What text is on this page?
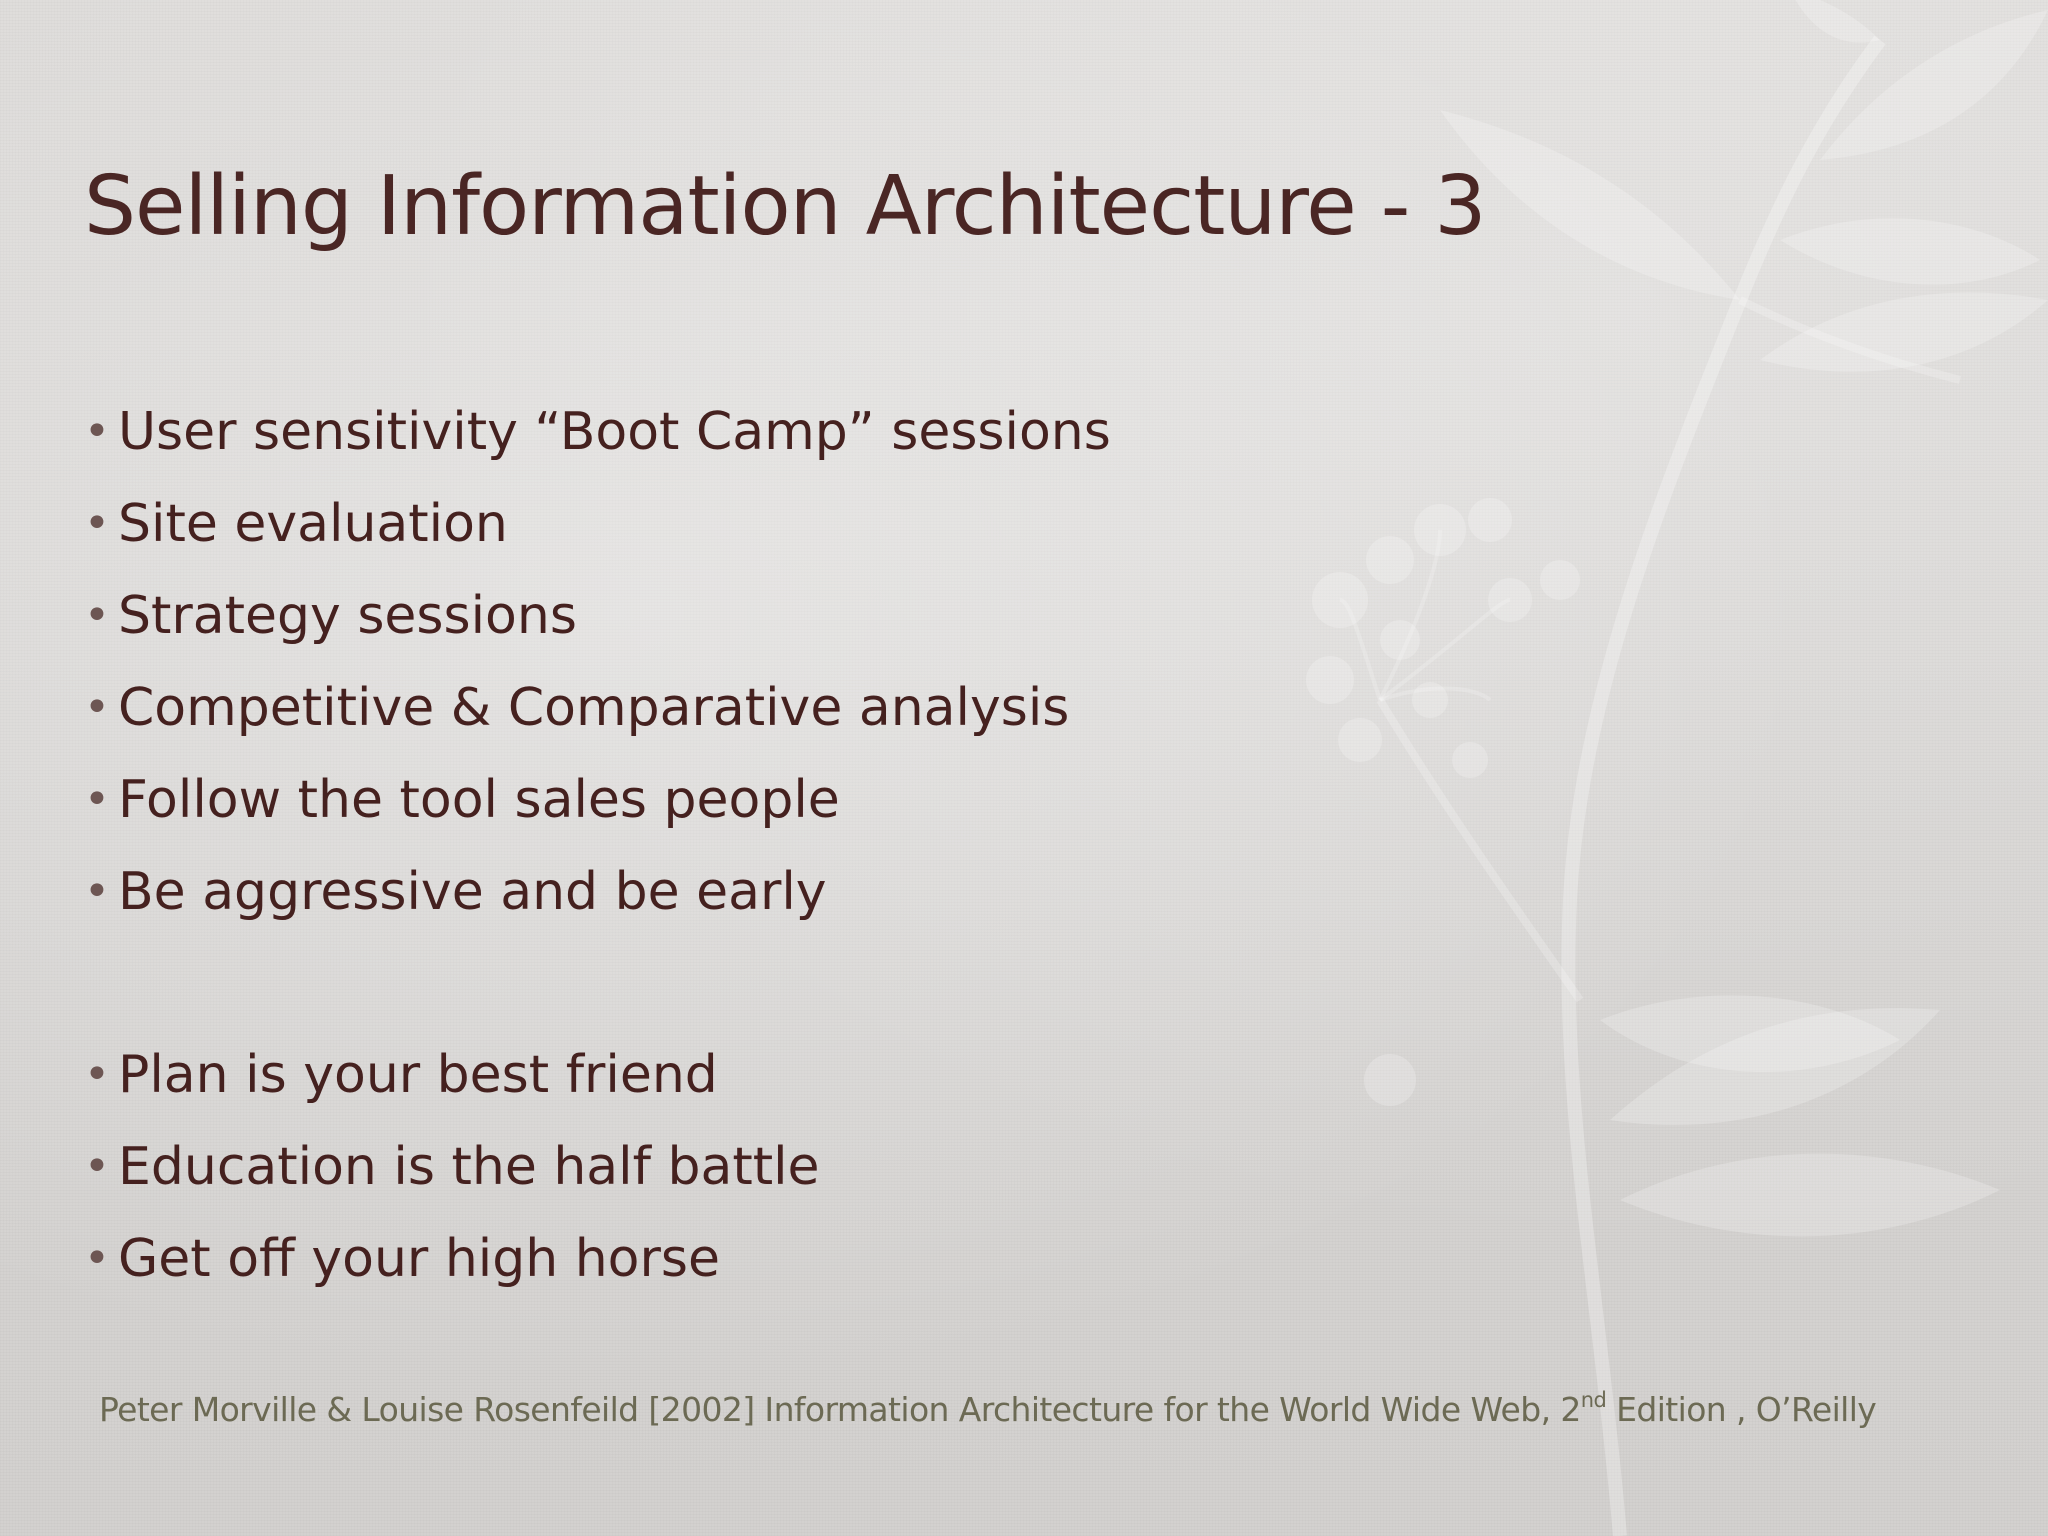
Selling Information Architecture - 3
• User sensitivity “Boot Camp” sessions
• Site evaluation
• Strategy sessions
• Competitive & Comparative analysis
• Follow the tool sales people
• Be aggressive and be early
• Plan is your best friend
• Education is the half battle
• Get off your high horse
Peter Morville & Louise Rosenfeild [2002] Information Architecture for the World Wide Web, 2nd Edition , O’Reilly
